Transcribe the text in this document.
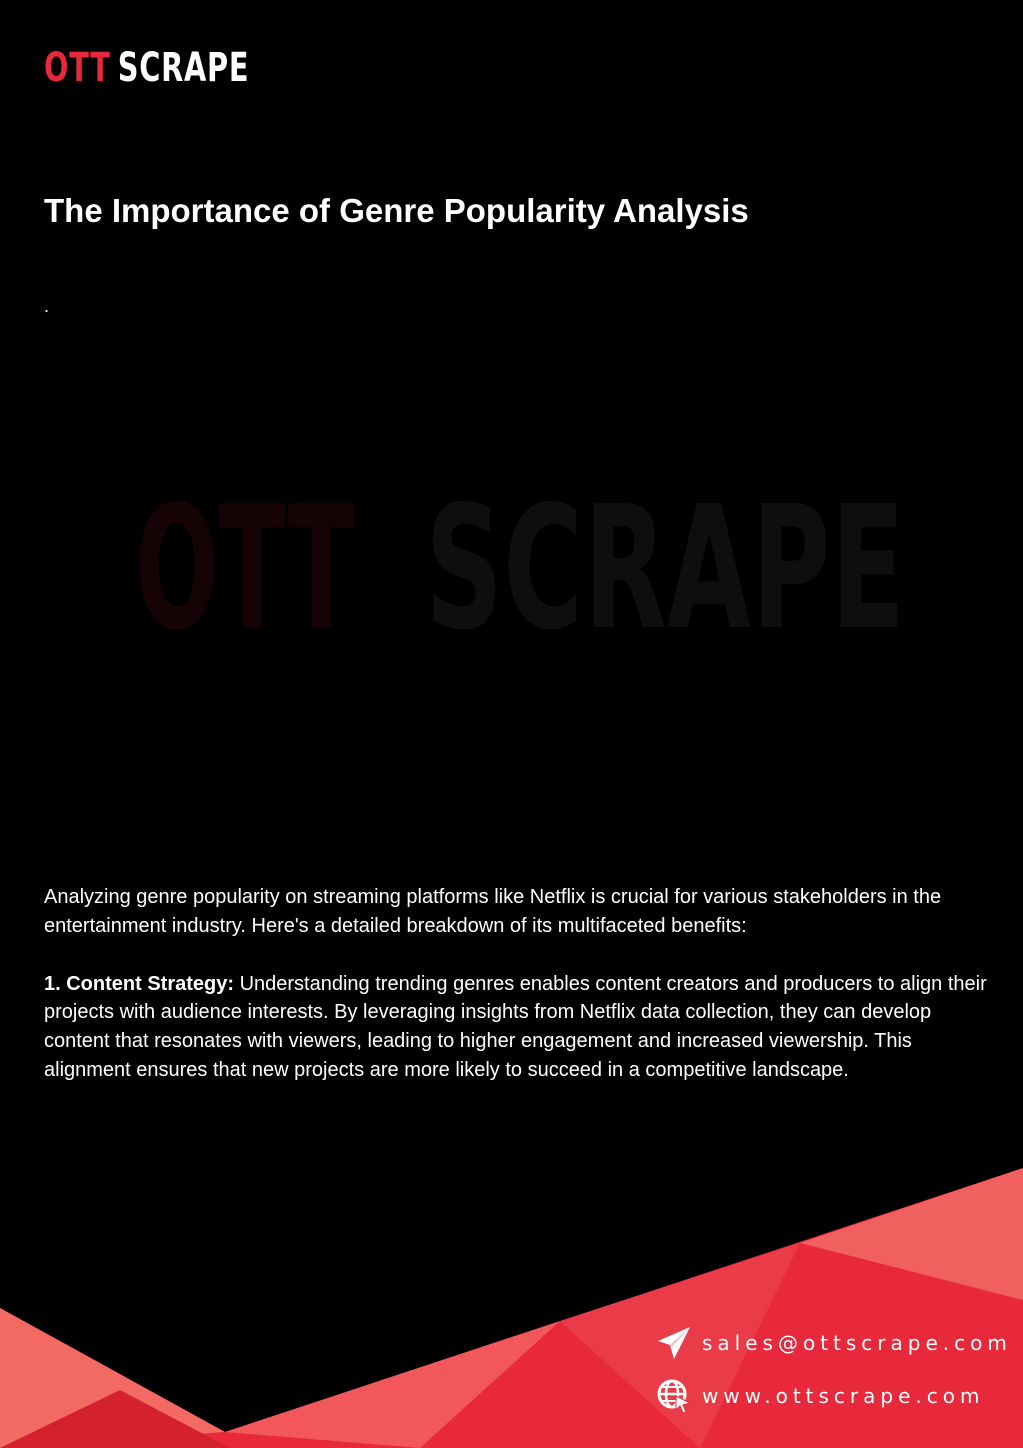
OTT SCRAPE
The Importance of Genre Popularity Analysis
.
OTT SCRAPE

Analyzing genre popularity on streaming platforms like Netflix is crucial for various stakeholders in the entertainment industry. Here's a detailed breakdown of its multifaceted benefits:

1. Content Strategy: Understanding trending genres enables content creators and producers to align their projects with audience interests. By leveraging insights from Netflix data collection, they can develop content that resonates with viewers, leading to higher engagement and increased viewership. This alignment ensures that new projects are more likely to succeed in a competitive landscape.

sales@ottscrape.com
www.ottscrape.com
